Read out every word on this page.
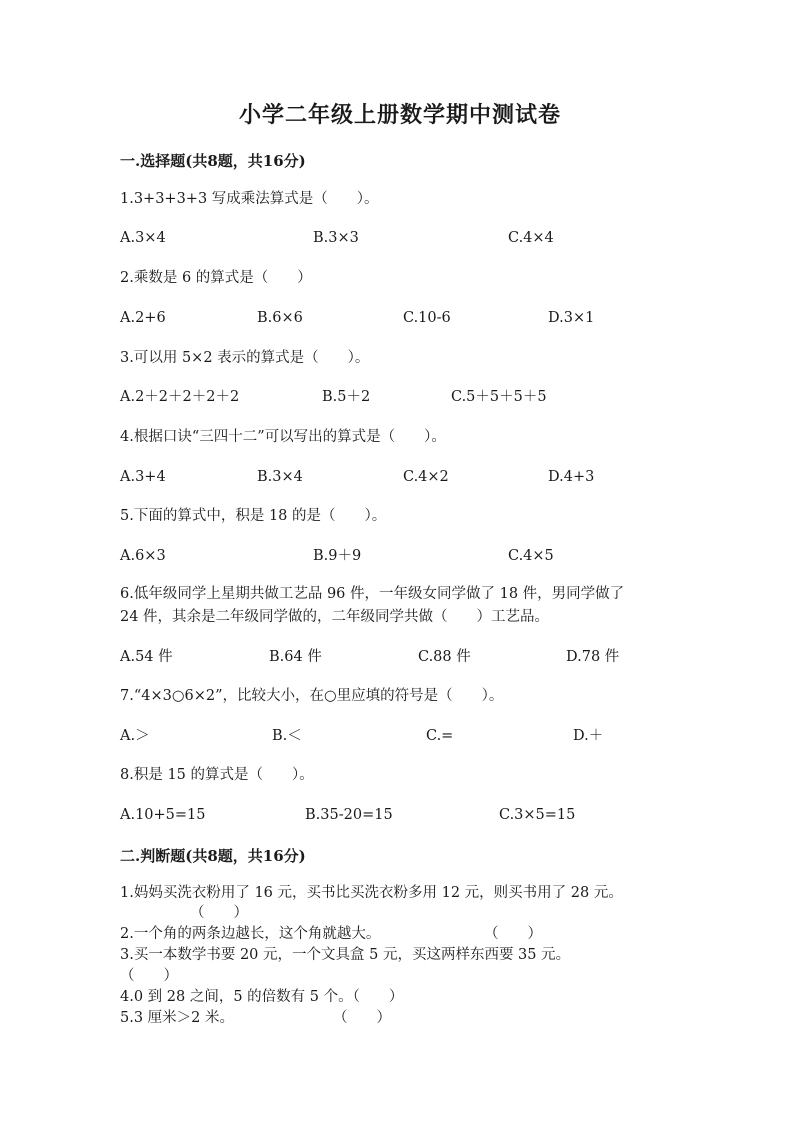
小学二年级上册数学期中测试卷
一.选择题(共8题，共16分)
1.3+3+3+3 写成乘法算式是（　　）。
A.3×4	B.3×3	C.4×4
2.乘数是 6 的算式是（　　）
A.2+6	B.6×6	C.10-6	D.3×1
3.可以用 5×2 表示的算式是（　　）。
A.2＋2＋2＋2＋2	B.5＋2	C.5＋5＋5＋5
4.根据口诀“三四十二”可以写出的算式是（　　）。
A.3+4	B.3×4	C.4×2	D.4+3
5.下面的算式中，积是 18 的是（　　）。
A.6×3	B.9＋9	C.4×5
6.低年级同学上星期共做工艺品 96 件，一年级女同学做了 18 件，男同学做了
24 件，其余是二年级同学做的，二年级同学共做（　　）工艺品。
A.54 件	B.64 件	C.88 件	D.78 件
7.“4×3○6×2”，比较大小，在○里应填的符号是（　　）。
A.＞	B.＜	C.=	D.＋
8.积是 15 的算式是（　　）。
A.10+5=15	B.35-20=15	C.3×5=15
二.判断题(共8题，共16分)
1.妈妈买洗衣粉用了 16 元，买书比买洗衣粉多用 12 元，则买书用了 28 元。
（　　）
2.一个角的两条边越长，这个角就越大。	（　　）
3.买一本数学书要 20 元，一个文具盒 5 元，买这两样东西要 35 元。
（　　）
4.0 到 28 之间，5 的倍数有 5 个。（　　）
5.3 厘米＞2 米。	（　　）
